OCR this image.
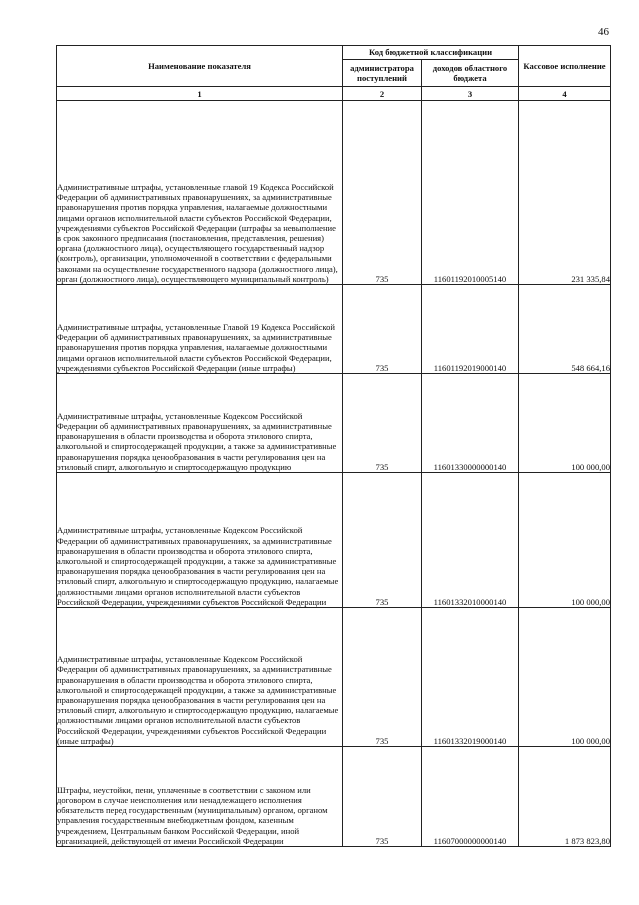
46
Наименование показателя	Код бюджетной классификации		Кассовое исполнение
	администратора поступлений	доходов областного бюджета	
1	2	3	4
Административные штрафы, установленные главой 19 Кодекса Российской Федерации об административных правонарушениях, за административные правонарушения против порядка управления, налагаемые должностными лицами органов исполнительной власти субъектов Российской Федерации, учреждениями субъектов Российской Федерации (штрафы за невыполнение в срок законного предписания (постановления, представления, решения) органа (должностного лица), осуществляющего государственный надзор (контроль), организации, уполномоченной в соответствии с федеральными законами на осуществление государственного надзора (должностного лица), орган (должностного лица), осуществляющего муниципальный контроль)	735	11601192010005140	231 335,84
Административные штрафы, установленные Главой 19 Кодекса Российской Федерации об административных правонарушениях, за административные правонарушения против порядка управления, налагаемые должностными лицами органов исполнительной власти субъектов Российской Федерации, учреждениями субъектов Российской Федерации (иные штрафы)	735	11601192019000140	548 664,16
Административные штрафы, установленные Кодексом Российской Федерации об административных правонарушениях, за административные правонарушения в области производства и оборота этилового спирта, алкогольной и спиртосодержащей продукции, а также за административные правонарушения порядка ценообразования в части регулирования цен на этиловый спирт, алкогольную и спиртосодержащую продукцию	735	11601330000000140	100 000,00
Административные штрафы, установленные Кодексом Российской Федерации об административных правонарушениях, за административные правонарушения в области производства и оборота этилового спирта, алкогольной и спиртосодержащей продукции, а также за административные правонарушения порядка ценообразования в части регулирования цен на этиловый спирт, алкогольную и спиртосодержащую продукцию, налагаемые должностными лицами органов исполнительной власти субъектов Российской Федерации, учреждениями субъектов Российской Федерации	735	11601332010000140	100 000,00
Административные штрафы, установленные Кодексом Российской Федерации об административных правонарушениях, за административные правонарушения в области производства и оборота этилового спирта, алкогольной и спиртосодержащей продукции, а также за административные правонарушения порядка ценообразования в части регулирования цен на этиловый спирт, алкогольную и спиртосодержащую продукцию, налагаемые должностными лицами органов исполнительной власти субъектов Российской Федерации, учреждениями субъектов Российской Федерации (иные штрафы)	735	11601332019000140	100 000,00
Штрафы, неустойки, пени, уплаченные в соответствии с законом или договором в случае неисполнения или ненадлежащего исполнения обязательств перед государственным (муниципальным) органом, органом управления государственным внебюджетным фондом, казенным учреждением, Центральным банком Российской Федерации, иной организацией, действующей от имени Российской Федерации	735	11607000000000140	1 873 823,80
